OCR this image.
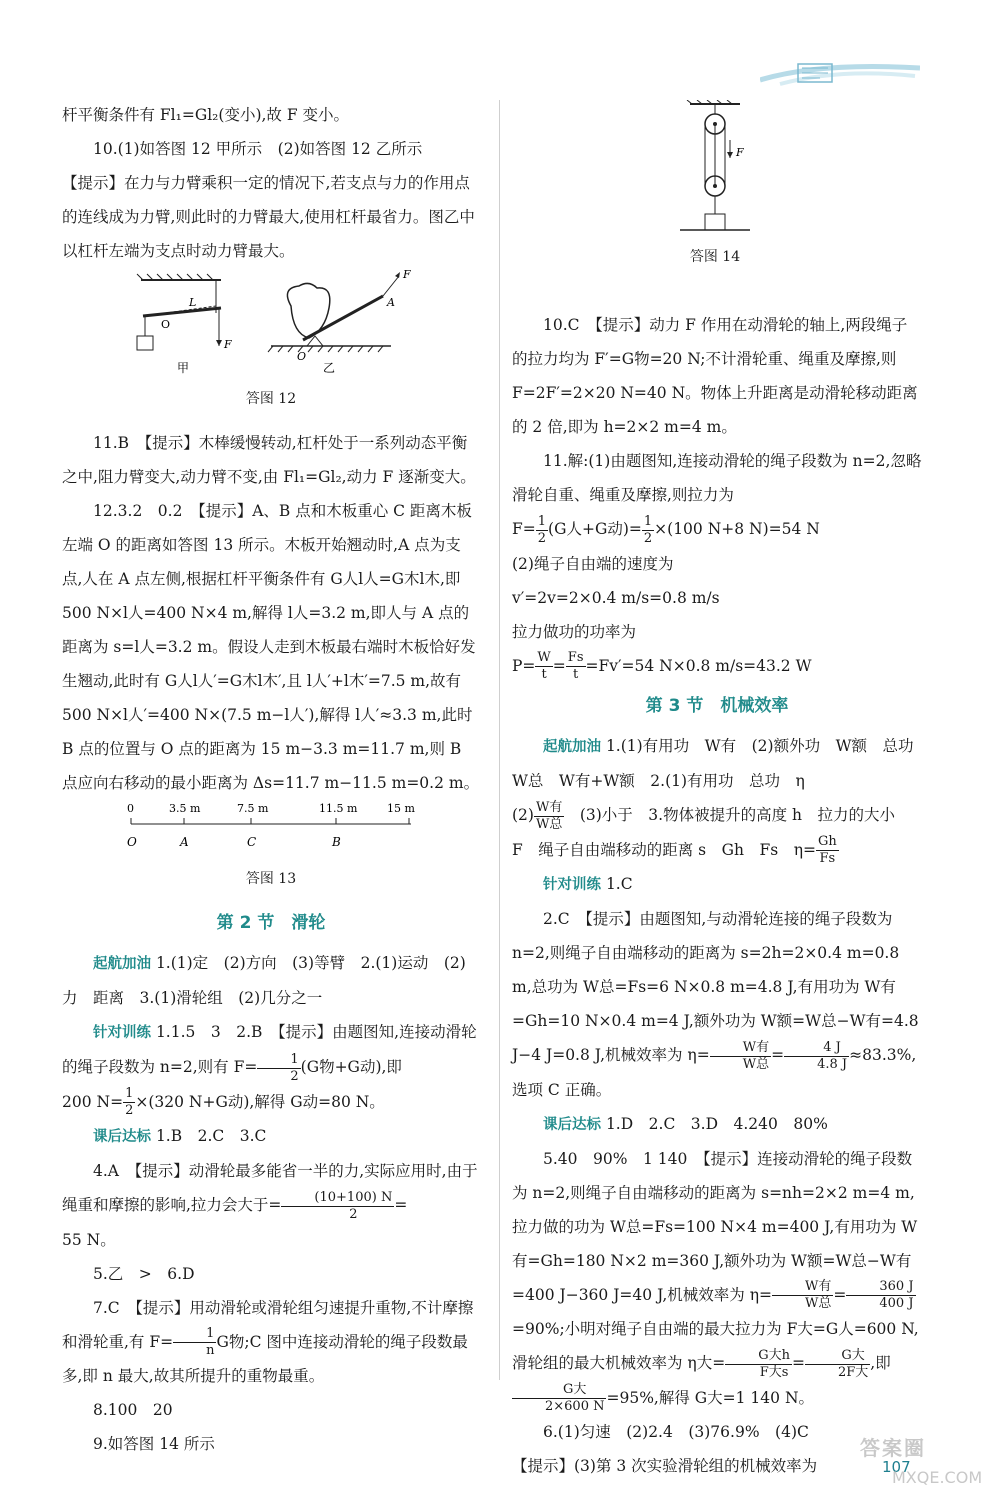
杆平衡条件有 Fl₁=Gl₂(变小),故 F 变小。

10.(1)如答图 12 甲所示　(2)如答图 12 乙所示

【提示】在力与力臂乘积一定的情况下,若支点与力的作用点的连线成为力臂,则此时的力臂最大,使用杠杆最省力。图乙中以杠杆左端为支点时动力臂最大。

O
L
F
甲
F
A
O
乙

答图 12

11.B　【提示】木棒缓慢转动,杠杆处于一系列动态平衡之中,阻力臂变大,动力臂不变,由 Fl₁=Gl₂,动力 F 逐渐变大。

12.3.2　0.2　【提示】A、B 点和木板重心 C 距离木板左端 O 的距离如答图 13 所示。木板开始翘动时,A 点为支点,人在 A 点左侧,根据杠杆平衡条件有 G人l人=G木l木,即 500 N×l人=400 N×4 m,解得 l人=3.2 m,即人与 A 点的距离为 s=l人=3.2 m。假设人走到木板最右端时木板恰好发生翘动,此时有 G人l人′=G木l木′,且 l人′+l木′=7.5 m,故有 500 N×l人′=400 N×(7.5 m−l人′),解得 l人′≈3.3 m,此时 B 点的位置与 O 点的距离为 15 m−3.3 m=11.7 m,则 B 点应向右移动的最小距离为 Δs=11.7 m−11.5 m=0.2 m。

0	3.5 m	7.5 m	11.5 m	15 m
O	A	C	B

答图 13

第 2 节　滑轮

起航加油 1.(1)定　(2)方向　(3)等臂　2.(1)运动　(2)力　距离　3.(1)滑轮组　(2)几分之一

针对训练 1.1.5　3　2.B　【提示】由题图知,连接动滑轮的绳子段数为 n=2,则有 $F= \frac{1}{2} (G$物+G动),即

200 $N= \frac{1}{2} \times(320$ N+G动),解得 G动=80 N。

课后达标 1.B　2.C　3.C

4.A　【提示】动滑轮最多能省一半的力,实际应用时,由于绳重和摩擦的影响,拉力会大于= $\frac{(10+100) N}{2}$ =

55 N。

5.乙　>　6.D

7.C　【提示】用动滑轮或滑轮组匀速提升重物,不计摩擦和滑轮重,有 $F= \frac{1}{n}$ G物;C 图中连接动滑轮的绳子段数最多,即 n 最大,故其所提升的重物最重。

8.100　20

9.如答图 14 所示

F

答图 14

10.C　【提示】动力 F 作用在动滑轮的轴上,两段绳子的拉力均为 F′=G物=20 N;不计滑轮重、绳重及摩擦,则 F=2F′=2×20 N=40 N。物体上升距离是动滑轮移动距离的 2 倍,即为 h=2×2 m=4 m。

11.解:(1)由题图知,连接动滑轮的绳子段数为 n=2,忽略滑轮自重、绳重及摩擦,则拉力为

$F= \frac{1}{2} (G$人+G动)= $\frac{1}{2} \times(100$ N+8 N)=54 N

(2)绳子自由端的速度为

v′=2v=2×0.4 m/s=0.8 m/s

拉力做功的功率为

$P= \frac{W}{t} = \frac{Fs}{t} =Fv'=54$ N×0.8 m/s=43.2 W

第 3 节　机械效率

起航加油 1.(1)有用功　W有　(2)额外功　W额　总功　W总　W有+W额　2.(1)有用功　总功　η

$(2) \frac{\text{W有}}{\text{W总}}$ 　(3)小于　3.物体被提升的高度 h　拉力的大小

F　绳子自由端移动的距离 s　Gh　Fs　$\eta= \frac{Gh}{Fs}$

针对训练 1.C

2.C　【提示】由题图知,与动滑轮连接的绳子段数为 n=2,则绳子自由端移动的距离为 s=2h=2×0.4 m=0.8 m,总功为 W总=Fs=6 N×0.8 m=4.8 J,有用功为 W有=Gh=10 N×0.4 m=4 J,额外功为 W额=W总−W有=4.8 J−4 J=0.8 J,机械效率为 $\eta= \frac{\text{W有}}{\text{W总}} = \frac{4 J}{4.8 J} \approx 83.3\%$,选项 C 正确。

课后达标 1.D　2.C　3.D　4.240　80%

5.40　90%　1 140　【提示】连接动滑轮的绳子段数为 n=2,则绳子自由端移动的距离为 s=nh=2×2 m=4 m,拉力做的功为 W总=Fs=100 N×4 m=400 J,有用功为 W有=Gh=180 N×2 m=360 J,额外功为 W额=W总−W有=400 J−360 J=40 J,机械效率为 $\eta= \frac{\text{W有}}{\text{W总}} = \frac{360 J}{400 J}$
=90%;小明对绳子自由端的最大拉力为 F大=G人=600 N,滑轮组的最大机械效率为 η大= $\frac{\text{G大h}}{\text{F大s}} = \frac{\text{G大}}{\text{2F大}}$ ,即
$\frac{\text{G大}}{2\times 600 N} =95\%$,解得 G大=1 140 N。

6.(1)匀速　(2)2.4　(3)76.9%　(4)C

【提示】(3)第 3 次实验滑轮组的机械效率为

答案圈
107
MXQE.COM
